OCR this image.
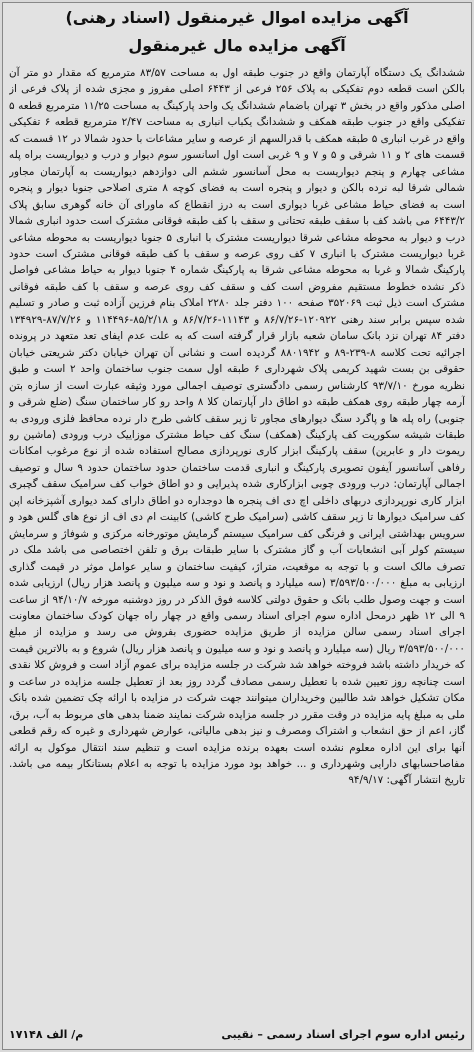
آگهی مزایده اموال غیرمنقول (اسناد رهنی)
آگهی مزایده مال غیرمنقول
ششدانگ یک دستگاه آپارتمان واقع در جنوب طبقه اول به مساحت ۸۳/۵۷ مترمربع که مقدار دو متر آن بالکن است قطعه دوم تفکیکی به پلاک ۲۵۶ فرعی از ۶۴۴۳ اصلی مفروز و مجزی شده از پلاک فرعی از اصلی مذکور واقع در بخش ۳ تهران باضمام ششدانگ یک واحد پارکینگ به مساحت ۱۱/۲۵ مترمربع قطعه ۵ تفکیکی واقع در جنوب طبقه همکف و ششدانگ یکباب انباری به مساحت ۲/۴۷ مترمربع قطعه ۶ تفکیکی واقع در غرب انباری ۵ طبقه همکف با قدرالسهم از عرصه و سایر مشاعات با حدود شمالا در ۱۲ قسمت که قسمت های ۲ و ۱۱ شرقی و ۵ و ۷ و ۹ غربی است اول اسانسور سوم دیوار و درب و دیواریست براه پله مشاعی چهارم و پنجم دیواریست به محل آسانسور ششم الی دوازدهم دیواریست به آپارتمان مجاور شمالی شرقا لبه نرده بالکن و دیوار و پنجره است به فضای کوچه ۸ متری اصلاحی جنوبا دیوار و پنجره است به فضای حیاط مشاعی غربا دیواری است به درز انقطاع که ماورای آن خانه گوهری سابق پلاک ۶۴۴۳/۲ می باشد کف با سقف طبقه تحتانی و سقف با کف طبقه فوقانی مشترک است حدود انباری شمالا درب و دیوار به محوطه مشاعی شرقا دیواریست مشترک با انباری ۵ جنوبا دیواریست به محوطه مشاعی غربا دیواریست مشترک با انباری ۷ کف روی عرصه و سقف با کف طبقه فوقانی مشترک است حدود پارکینگ شمالا و غربا به محوطه مشاعی شرقا به پارکینگ شماره ۴ جنوبا دیوار به حیاط مشاعی فواصل ذکر نشده خطوط مستقیم مفروض است کف و سقف کف روی عرصه و سقف با کف طبقه فوقانی مشترک است ذیل ثبت ۳۵۲۰۶۹ صفحه ۱۰۰ دفتر جلد ۲۲۸۰ املاک بنام فرزین آزاده ثبت و صادر و تسلیم شده سپس برابر سند رهنی ۱۲۰۹۲۲-۸۶/۷/۲۶ و ۱۱۱۴۳-۸۶/۷/۲۶ و ۸۵/۲/۱۸-۱۱۴۴۹۶ و ۸۷/۷/۲۶-۱۳۴۹۲۹ دفتر ۸۴ تهران نزد بانک سامان شعبه بازار قرار گرفته است که به علت عدم ایفای تعد متعهد در پرونده اجرائیه تحت کلاسه ۸-۲۳۹-۸۹ و ۸۸۰۱۹۴۲ گردیده است و نشانی آن تهران خیابان دکتر شریعتی خیابان حقوقی بن بست شهید کریمی پلاک شهرداری ۶ طبقه اول سمت جنوب ساختمان واحد ۲ است و طبق نظریه مورخ ۹۳/۷/۱۰ کارشناس رسمی دادگستری توصیف اجمالی مورد وثیقه عبارت است از سازه بتن آرمه چهار طبقه روی همکف طبقه دو اطاق دار آپارتمان کلا ۸ واحد رو کار ساختمان سنگ (ضلع شرقی و جنوبی) راه پله ها و پاگرد سنگ دیوارهای مجاور تا زیر سقف کاشی طرح دار نرده محافظ فلزی ورودی به طبقات شیشه سکوریت کف پارکینگ (همکف) سنگ کف حیاط مشترک موزاییک درب ورودی (ماشین رو ریموت دار و عابرین) سقف پارکینگ ابزار کاری نورپردازی مصالح استفاده شده از نوع مرغوب امکانات رفاهی آسانسور آیفون تصویری پارکینگ و انباری قدمت ساختمان حدود ساختمان حدود ۹ سال و توصیف اجمالی آپارتمان: درب ورودی چوبی ابزارکاری شده پذیرایی و دو اطاق خواب کف سرامیک سقف گچبری ابزار کاری نورپردازی دربهای داخلی اچ دی اف پنجره ها دوجداره دو اطاق دارای کمد دیواری آشپزخانه اپن کف سرامیک دیوارها تا زیر سقف کاشی (سرامیک طرح کاشی) کابینت ام دی اف از نوع های گلس هود و سرویس بهداشتی ایرانی و فرنگی کف سرامیک سیستم گرمایش موتورخانه مرکزی و شوفاژ و سرمایش سیستم کولر آبی انشعابات آب و گاز مشترک با سایر طبقات برق و تلفن اختصاصی می باشد ملک در تصرف مالک است و با توجه به موقعیت، متراژ، کیفیت ساختمان و سایر عوامل موثر در قیمت گذاری ارزیابی به مبلغ ۳/۵۹۳/۵۰۰/۰۰۰ (سه میلیارد و پانصد و نود و سه میلیون و پانصد هزار ریال) ارزیابی شده است و جهت وصول طلب بانک و حقوق دولتی کلاسه فوق الذکر در روز دوشنبه مورخه ۹۴/۱۰/۷ از ساعت ۹ الی ۱۲ ظهر درمحل اداره سوم اجرای اسناد رسمی واقع در چهار راه جهان کودک ساختمان معاونت اجرای اسناد رسمی سالن مزایده از طریق مزایده حضوری بفروش می رسد و مزایده از مبلغ ۳/۵۹۳/۵۰۰/۰۰۰ ریال (سه میلیارد و پانصد و نود و سه میلیون و پانصد هزار ریال) شروع و به بالاترین قیمت که خریدار داشته باشد فروخته خواهد شد شرکت در جلسه مزایده برای عموم آزاد است و فروش کلا نقدی است چنانچه روز تعیین شده با تعطیل رسمی مصادف گردد روز بعد از تعطیل جلسه مزایده در ساعت و مکان تشکیل خواهد شد طالبین وخریداران میتوانند جهت شرکت در مزایده با ارائه چک تضمین شده بانک ملی به مبلغ پایه مزایده در وقت مقرر در جلسه مزایده شرکت نمایند ضمنا بدهی های مربوط به آب، برق، گاز، اعم از حق انشعاب و اشتراک ومصرف و نیز بدهی مالیاتی، عوارض شهرداری و غیره که رقم قطعی آنها برای این اداره معلوم نشده است بعهده برنده مزایده است و تنظیم سند انتقال موکول به ارائه مفاصاحسابهای دارایی وشهرداری و ... خواهد بود مورد مزایده با توجه به اعلام بستانکار بیمه می باشد. تاریخ انتشار آگهی: ۹۴/۹/۱۷
رئیس اداره سوم اجرای اسناد رسمی – نقیبی
م/ الف ۱۷۱۴۸
